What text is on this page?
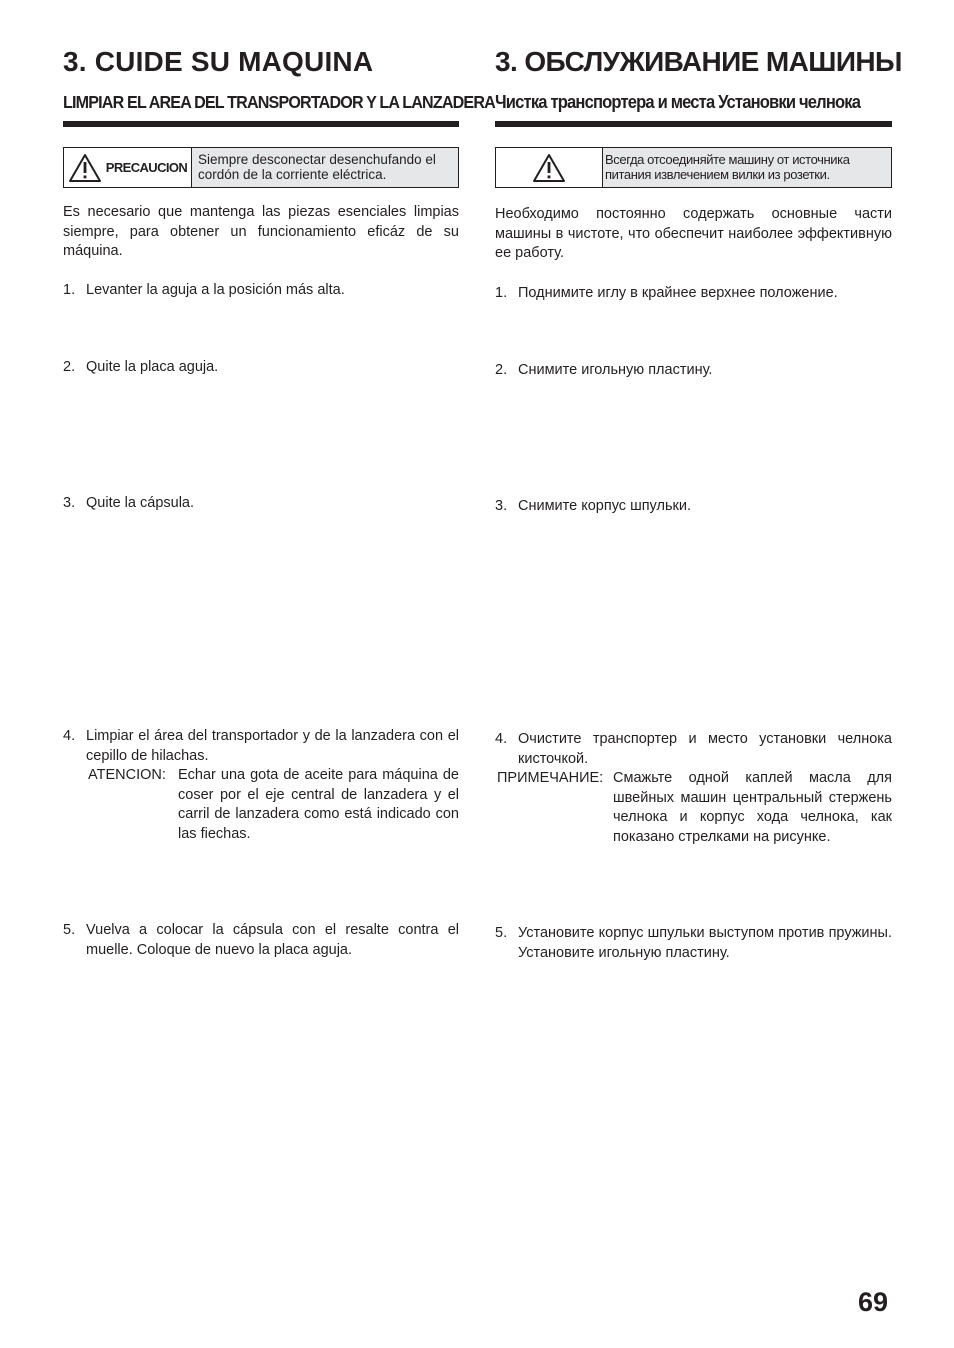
3. CUIDE SU MAQUINA
LIMPIAR EL AREA DEL TRANSPORTADOR Y LA LANZADERA
PRECAUCION
Siempre desconectar desenchufando el cordón de la corriente eléctrica.

Es necesario que mantenga las piezas esenciales limpias siempre, para obtener un funcionamiento eficáz de su máquina.

1. Levanter la aguja a la posición más alta.
2. Quite la placa aguja.
3. Quite la cápsula.
4. Limpiar el área del transportador y de la lanzadera con el cepillo de hilachas.
ATENCION: Echar una gota de aceite para máquina de coser por el eje central de lanzadera y el carril de lanzadera como está indicado con las fiechas.
5. Vuelva a colocar la cápsula con el resalte contra el muelle. Coloque de nuevo la placa aguja.
3. ОБСЛУЖИВАНИЕ МАШИНЫ
Чистка транспортера и места Установки челнока
Всегда отсоединяйте машину от источника питания извлечением вилки из розетки.

Необходимо постоянно содержать основные части машины в чистоте, что обеспечит наиболее эффективную ее работу.

1. Поднимите иглу в крайнее верхнее положение.
2. Снимите игольную пластину.
3. Снимите корпус шпульки.
4. Очистите транспортер и место установки челнока кисточкой.
ПРИМЕЧАНИЕ: Смажьте одной каплей масла для швейных машин центральный стержень челнока и корпус хода челнока, как показано стрелками на рисунке.
5. Установите корпус шпульки выступом против пружины. Установите игольную пластину.
69
